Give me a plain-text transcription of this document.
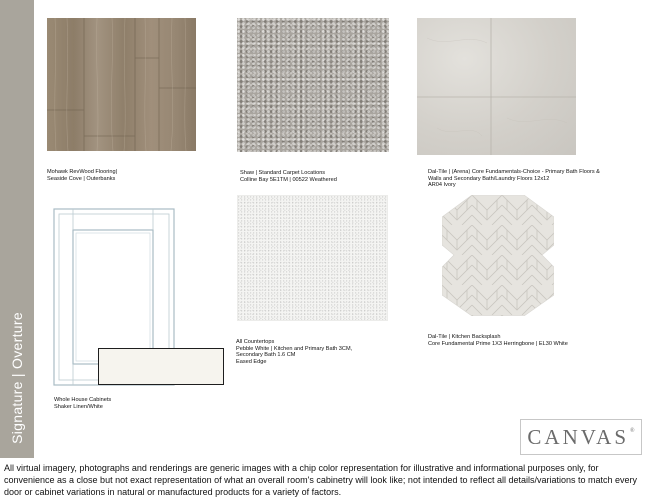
Signature | Overture
Mohawk RevWood Flooring|
Seaside Cove | Outerbanks
Shaw | Standard Carpet Locations
Colline Bay 5E1TM | 00522 Weathered
Dal-Tile | (Arena) Core Fundamentals-Choice - Primary Bath Floors &
Walls and Secondary Bath/Laundry Floors 12x12
AR04 Ivory
Whole House Cabinets
Shaker Linen/White
All Countertops
Pebble White | Kitchen and Primary Bath 3CM,
Secondary Bath 1.6 CM
Eased Edge
Dal-Tile | Kitchen Backsplash
Core Fundamental Prime 1X3 Herringbone | EL30 White
CANVAS®
All virtual imagery, photographs and renderings are generic images with a chip color representation for illustrative and informational purposes only, for convenience as a close but not exact representation of what an overall room's cabinetry will look like; not intended to reflect all details/variations to match every door or cabinet variations in natural or manufactured products for a variety of factors.
